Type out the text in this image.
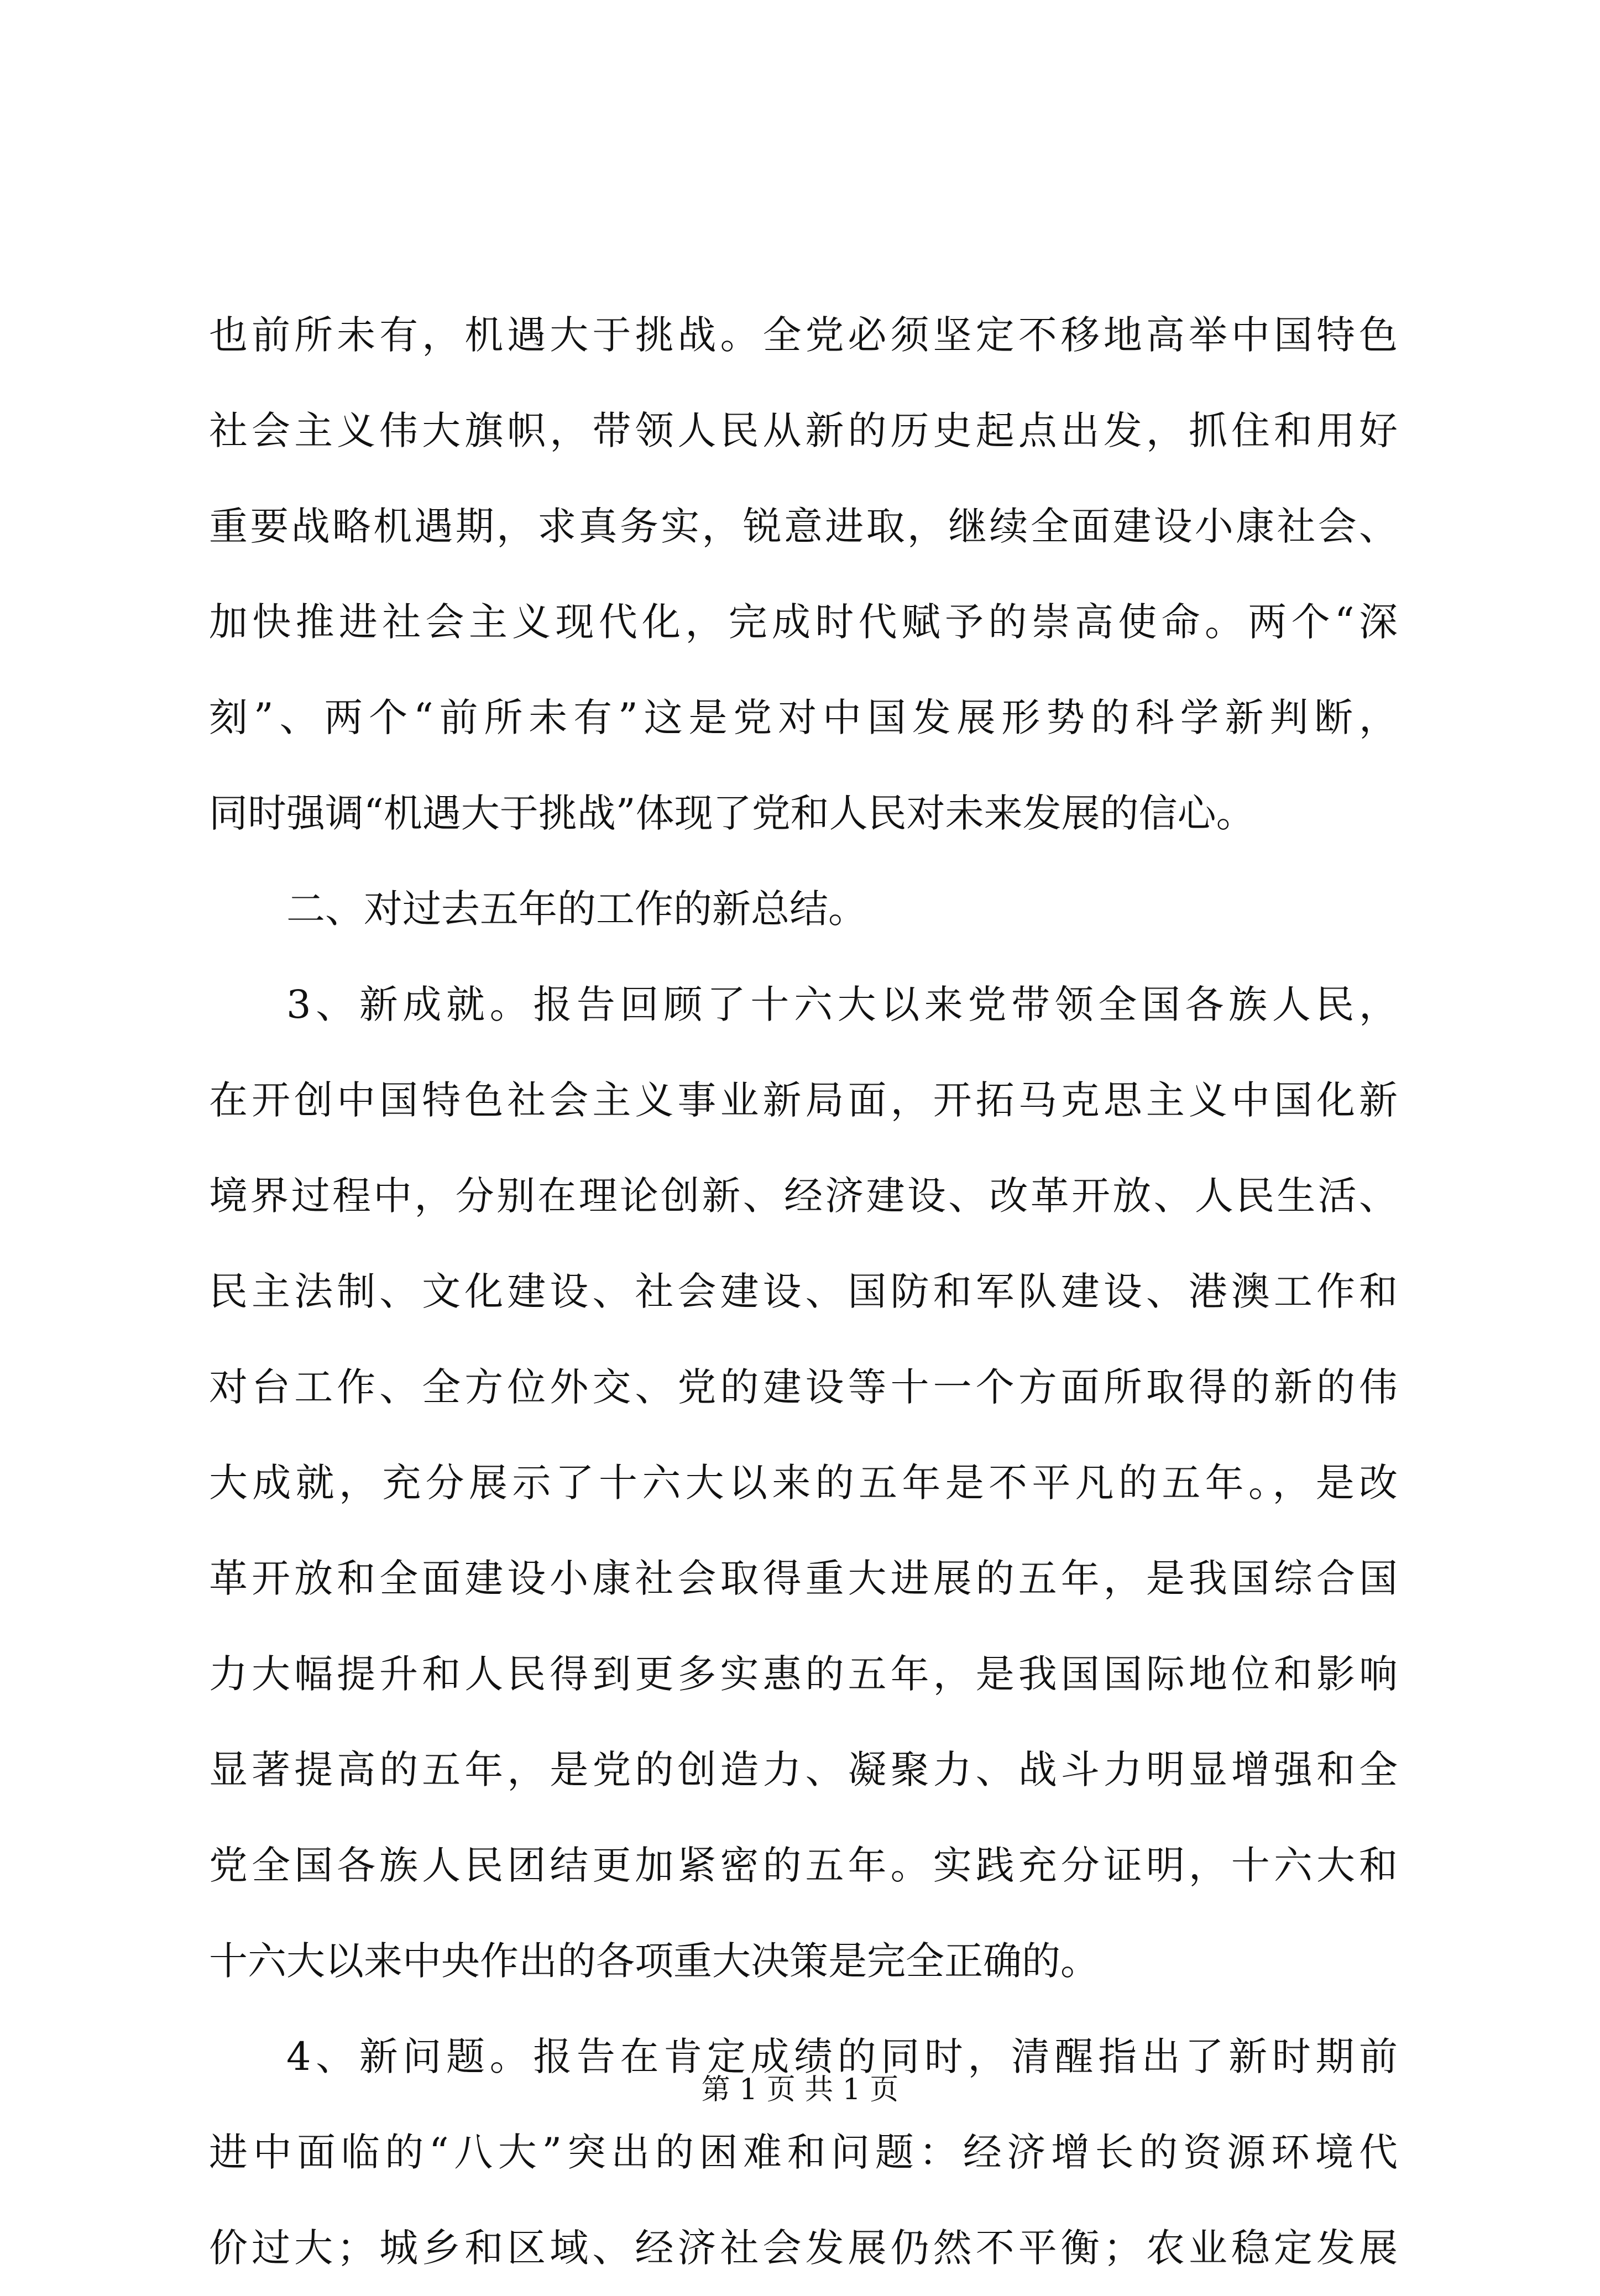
也前所未有，机遇大于挑战。全党必须坚定不移地高举中国特色
社会主义伟大旗帜，带领人民从新的历史起点出发，抓住和用好
重要战略机遇期，求真务实，锐意进取，继续全面建设小康社会、
加快推进社会主义现代化，完成时代赋予的崇高使命。两个“深
刻”、两个“前所未有”这是党对中国发展形势的科学新判断，
同时强调“机遇大于挑战”体现了党和人民对未来发展的信心。
二、对过去五年的工作的新总结。
3、新成就。报告回顾了十六大以来党带领全国各族人民，
在开创中国特色社会主义事业新局面，开拓马克思主义中国化新
境界过程中，分别在理论创新、经济建设、改革开放、人民生活、
民主法制、文化建设、社会建设、国防和军队建设、港澳工作和
对台工作、全方位外交、党的建设等十一个方面所取得的新的伟
大成就，充分展示了十六大以来的五年是不平凡的五年。，是改
革开放和全面建设小康社会取得重大进展的五年，是我国综合国
力大幅提升和人民得到更多实惠的五年，是我国国际地位和影响
显著提高的五年，是党的创造力、凝聚力、战斗力明显增强和全
党全国各族人民团结更加紧密的五年。实践充分证明，十六大和
十六大以来中央作出的各项重大决策是完全正确的。
4、新问题。报告在肯定成绩的同时，清醒指出了新时期前
进中面临的“八大”突出的困难和问题：经济增长的资源环境代
价过大；城乡和区域、经济社会发展仍然不平衡；农业稳定发展
第 1 页 共 1 页
